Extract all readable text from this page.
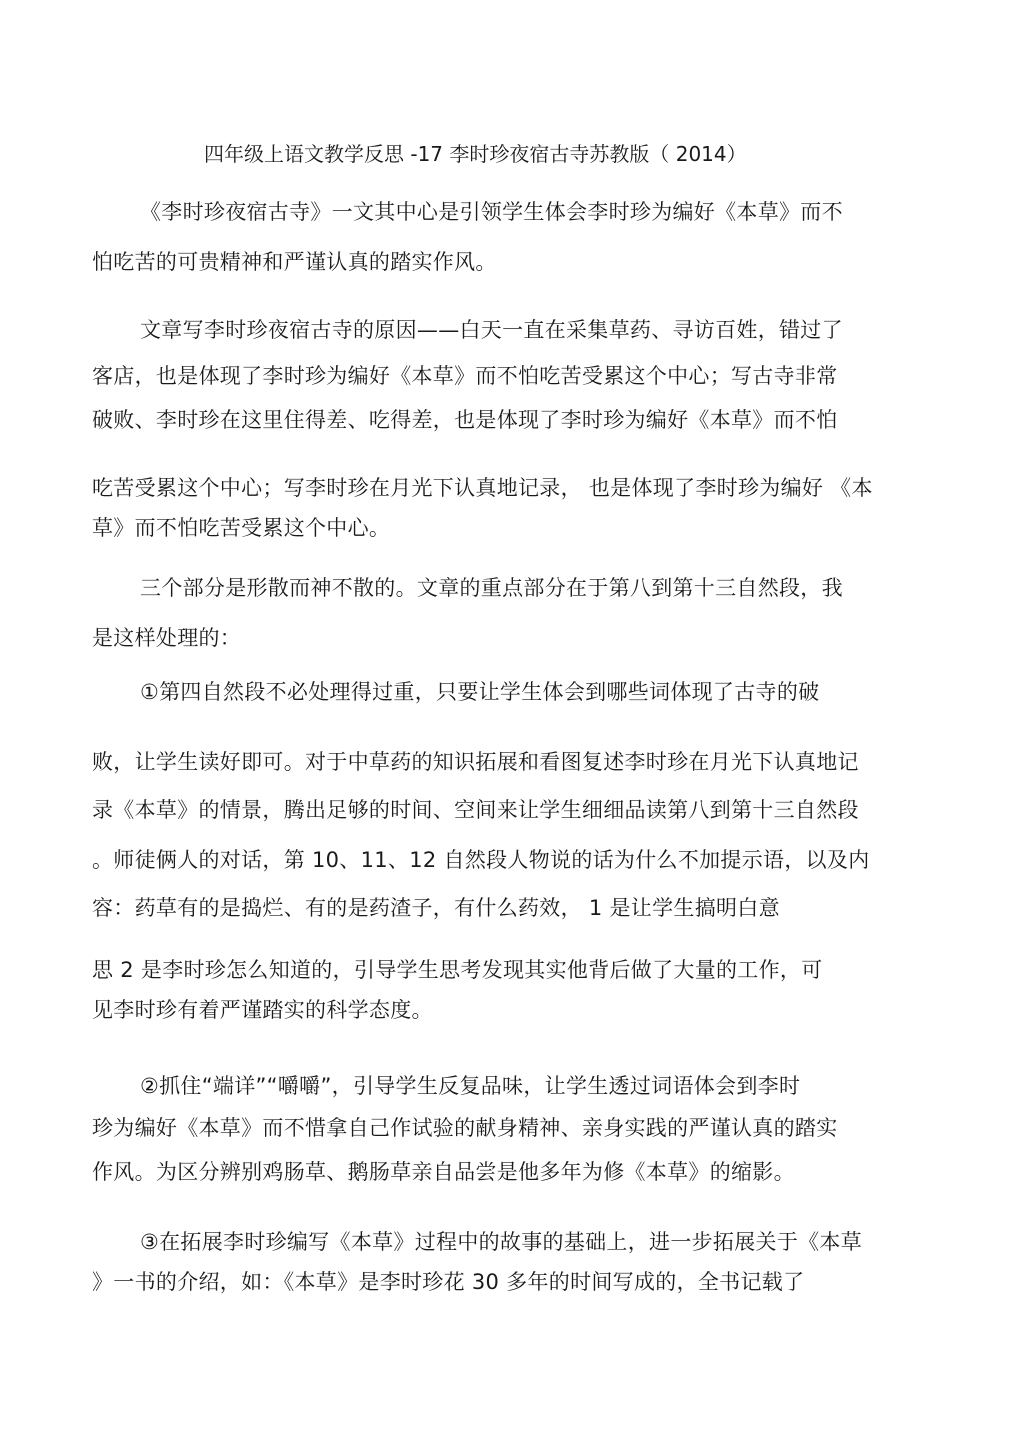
四年级上语文教学反思 -17 李时珍夜宿古寺苏教版（ 2014）
《李时珍夜宿古寺》一文其中心是引领学生体会李时珍为编好《本草》而不
怕吃苦的可贵精神和严谨认真的踏实作风。
文章写李时珍夜宿古寺的原因——白天一直在采集草药、寻访百姓，错过了
客店，也是体现了李时珍为编好《本草》而不怕吃苦受累这个中心；写古寺非常
破败、李时珍在这里住得差、吃得差，也是体现了李时珍为编好《本草》而不怕
吃苦受累这个中心；写李时珍在月光下认真地记录， 也是体现了李时珍为编好 《本
草》而不怕吃苦受累这个中心。
三个部分是形散而神不散的。文章的重点部分在于第八到第十三自然段，我
是这样处理的：
①第四自然段不必处理得过重，只要让学生体会到哪些词体现了古寺的破
败，让学生读好即可。对于中草药的知识拓展和看图复述李时珍在月光下认真地记
录《本草》的情景，腾出足够的时间、空间来让学生细细品读第八到第十三自然段
。师徒俩人的对话，第 10、11、12 自然段人物说的话为什么不加提示语，以及内
容：药草有的是捣烂、有的是药渣子，有什么药效， 1 是让学生搞明白意
思 2 是李时珍怎么知道的，引导学生思考发现其实他背后做了大量的工作，可
见李时珍有着严谨踏实的科学态度。
②抓住“端详”“嚼嚼”，引导学生反复品味，让学生透过词语体会到李时
珍为编好《本草》而不惜拿自己作试验的献身精神、亲身实践的严谨认真的踏实
作风。为区分辨别鸡肠草、鹅肠草亲自品尝是他多年为修《本草》的缩影。
③在拓展李时珍编写《本草》过程中的故事的基础上，进一步拓展关于《本草
》一书的介绍，如：《本草》是李时珍花 30 多年的时间写成的，全书记载了
